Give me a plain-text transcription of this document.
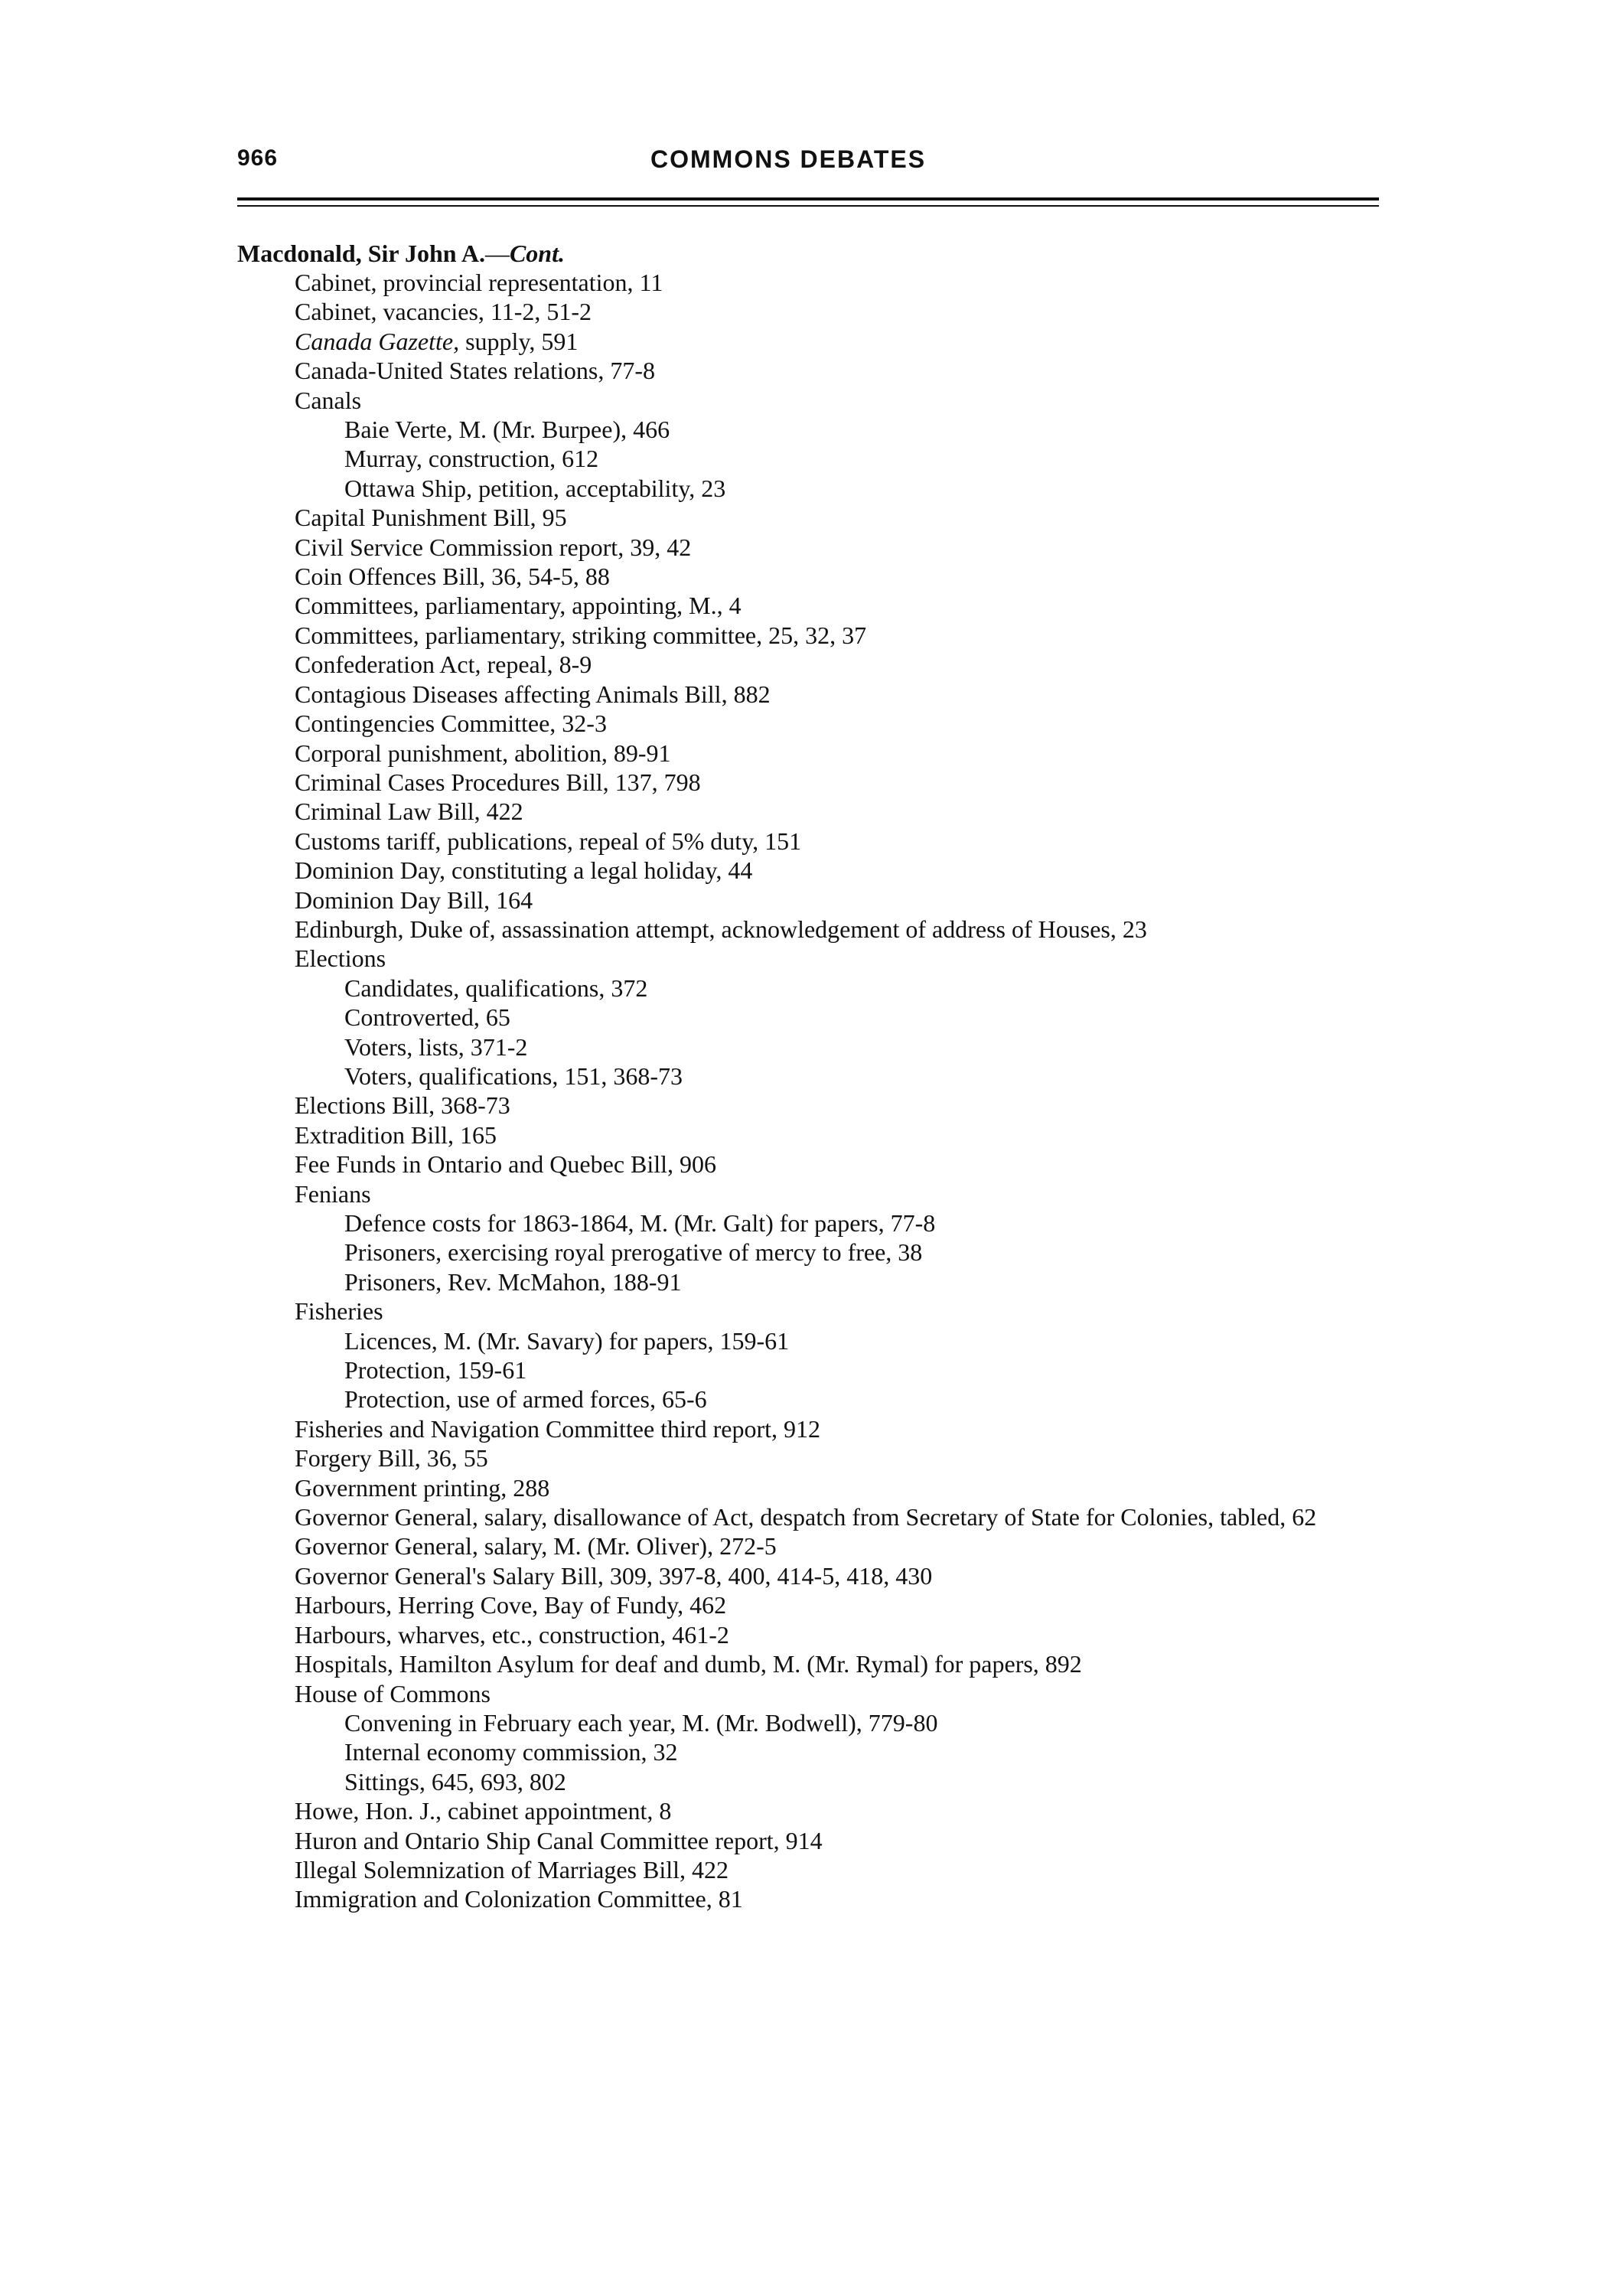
966	COMMONS DEBATES
Macdonald, Sir John A.—Cont.
Cabinet, provincial representation, 11
Cabinet, vacancies, 11-2, 51-2
Canada Gazette, supply, 591
Canada-United States relations, 77-8
Canals
Baie Verte, M. (Mr. Burpee), 466
Murray, construction, 612
Ottawa Ship, petition, acceptability, 23
Capital Punishment Bill, 95
Civil Service Commission report, 39, 42
Coin Offences Bill, 36, 54-5, 88
Committees, parliamentary, appointing, M., 4
Committees, parliamentary, striking committee, 25, 32, 37
Confederation Act, repeal, 8-9
Contagious Diseases affecting Animals Bill, 882
Contingencies Committee, 32-3
Corporal punishment, abolition, 89-91
Criminal Cases Procedures Bill, 137, 798
Criminal Law Bill, 422
Customs tariff, publications, repeal of 5% duty, 151
Dominion Day, constituting a legal holiday, 44
Dominion Day Bill, 164
Edinburgh, Duke of, assassination attempt, acknowledgement of address of Houses, 23
Elections
Candidates, qualifications, 372
Controverted, 65
Voters, lists, 371-2
Voters, qualifications, 151, 368-73
Elections Bill, 368-73
Extradition Bill, 165
Fee Funds in Ontario and Quebec Bill, 906
Fenians
Defence costs for 1863-1864, M. (Mr. Galt) for papers, 77-8
Prisoners, exercising royal prerogative of mercy to free, 38
Prisoners, Rev. McMahon, 188-91
Fisheries
Licences, M. (Mr. Savary) for papers, 159-61
Protection, 159-61
Protection, use of armed forces, 65-6
Fisheries and Navigation Committee third report, 912
Forgery Bill, 36, 55
Government printing, 288
Governor General, salary, disallowance of Act, despatch from Secretary of State for Colonies, tabled, 62
Governor General, salary, M. (Mr. Oliver), 272-5
Governor General's Salary Bill, 309, 397-8, 400, 414-5, 418, 430
Harbours, Herring Cove, Bay of Fundy, 462
Harbours, wharves, etc., construction, 461-2
Hospitals, Hamilton Asylum for deaf and dumb, M. (Mr. Rymal) for papers, 892
House of Commons
Convening in February each year, M. (Mr. Bodwell), 779-80
Internal economy commission, 32
Sittings, 645, 693, 802
Howe, Hon. J., cabinet appointment, 8
Huron and Ontario Ship Canal Committee report, 914
Illegal Solemnization of Marriages Bill, 422
Immigration and Colonization Committee, 81
